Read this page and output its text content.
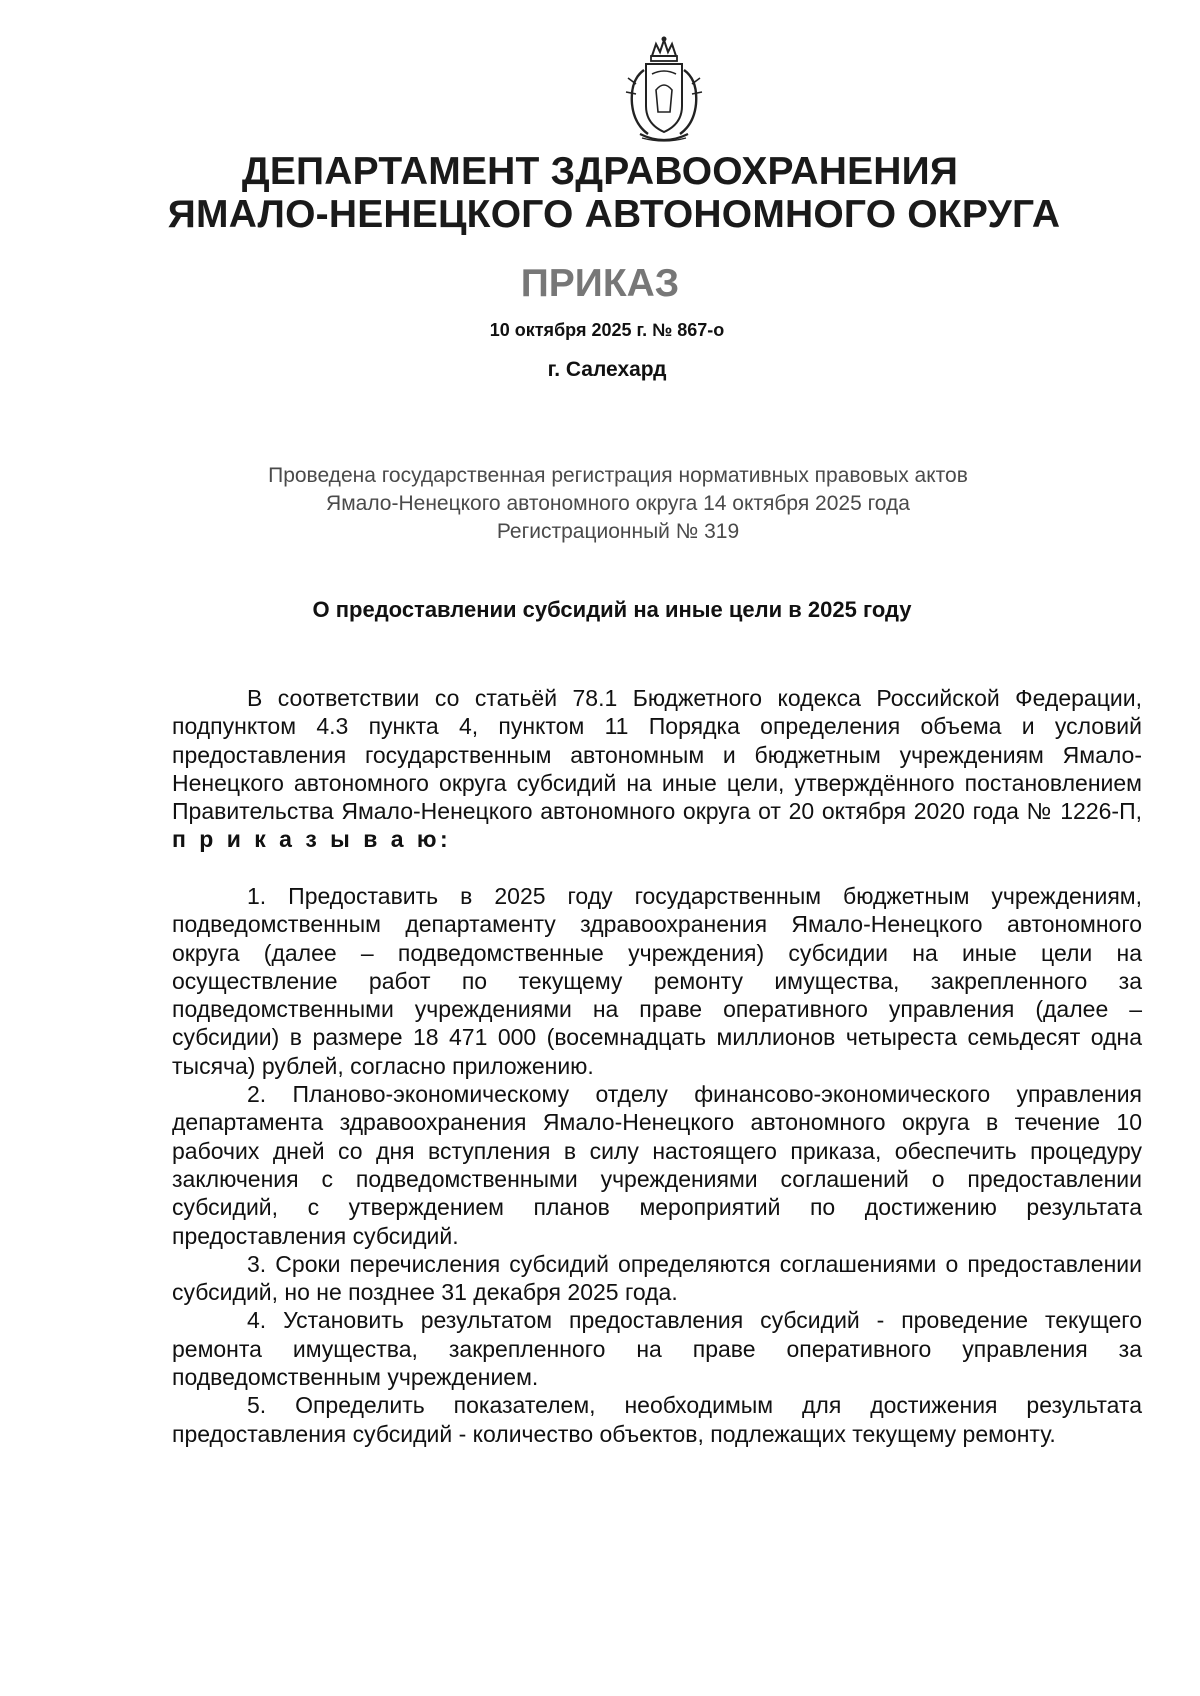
ДЕПАРТАМЕНТ ЗДРАВООХРАНЕНИЯ
ЯМАЛО-НЕНЕЦКОГО АВТОНОМНОГО ОКРУГА
ПРИКАЗ
10 октября 2025 г. № 867-о
г. Салехард
Проведена государственная регистрация нормативных правовых актов
Ямало-Ненецкого автономного округа 14 октября 2025 года
Регистрационный № 319
О предоставлении субсидий на иные цели в 2025 году

В соответствии со статьёй 78.1 Бюджетного кодекса Российской Федерации, подпунктом 4.3 пункта 4, пунктом 11 Порядка определения объема и условий предоставления государственным автономным и бюджетным учреждениям Ямало-Ненецкого автономного округа субсидий на иные цели, утверждённого постановлением Правительства Ямало-Ненецкого автономного округа от 20 октября 2020 года № 1226-П, п р и к а з ы в а ю:

1. Предоставить в 2025 году государственным бюджетным учреждениям, подведомственным департаменту здравоохранения Ямало-Ненецкого автономного округа (далее – подведомственные учреждения) субсидии на иные цели на осуществление работ по текущему ремонту имущества, закрепленного за подведомственными учреждениями на праве оперативного управления (далее – субсидии) в размере 18 471 000 (восемнадцать миллионов четыреста семьдесят одна тысяча) рублей, согласно приложению.

2. Планово-экономическому отделу финансово-экономического управления департамента здравоохранения Ямало-Ненецкого автономного округа в течение 10 рабочих дней со дня вступления в силу настоящего приказа, обеспечить процедуру заключения с подведомственными учреждениями соглашений о предоставлении субсидий, с утверждением планов мероприятий по достижению результата предоставления субсидий.

3. Сроки перечисления субсидий определяются соглашениями о предоставлении субсидий, но не позднее 31 декабря 2025 года.

4. Установить результатом предоставления субсидий - проведение текущего ремонта имущества, закрепленного на праве оперативного управления за подведомственным учреждением.

5. Определить показателем, необходимым для достижения результата предоставления субсидий - количество объектов, подлежащих текущему ремонту.
